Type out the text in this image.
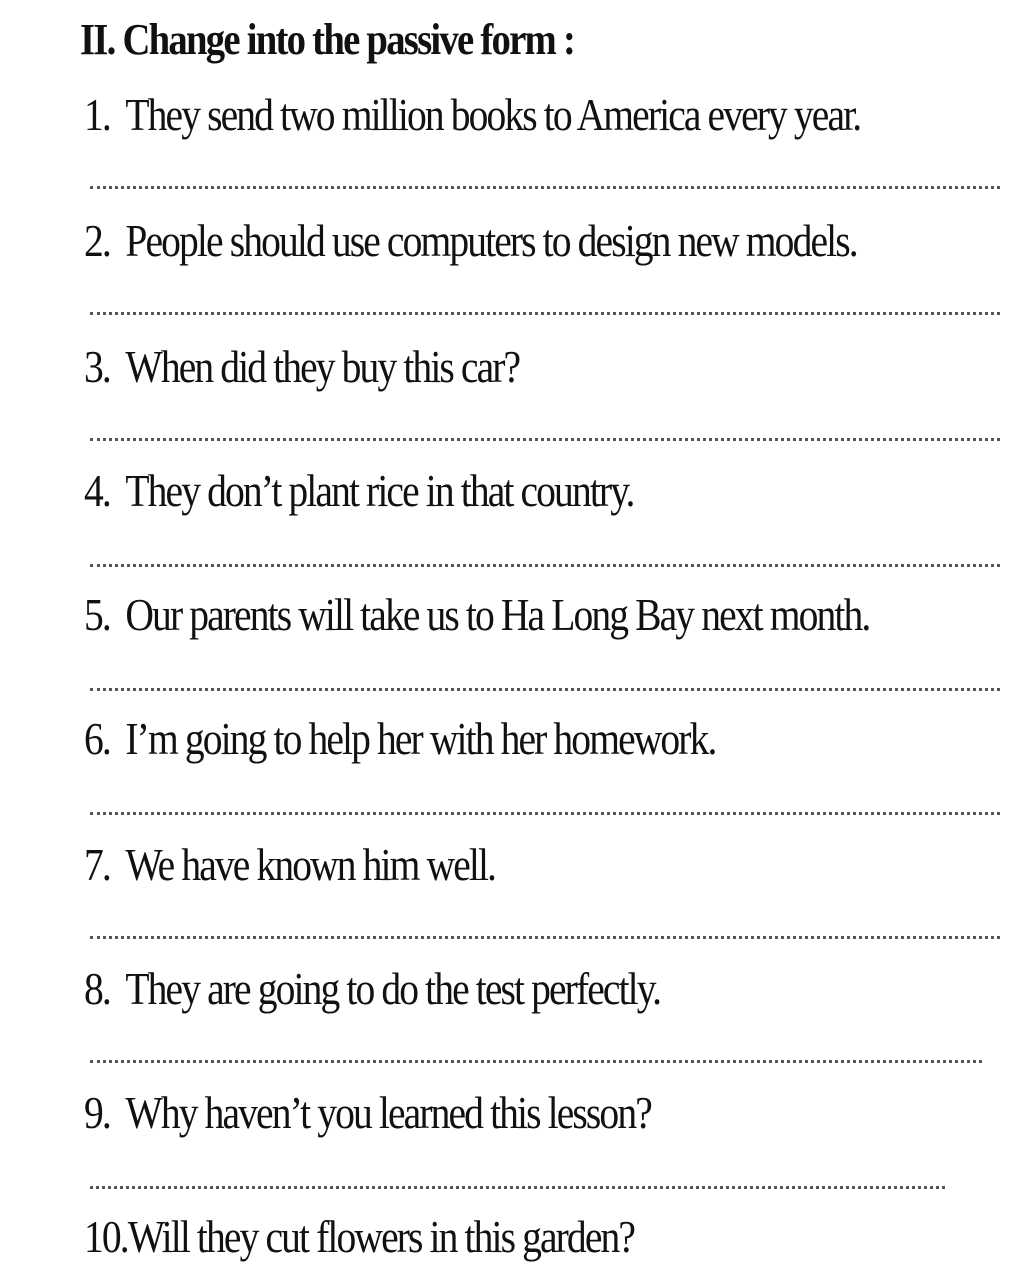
II. Change into the passive form :
1. They send two million books to America every year.
2. People should use computers to design new models.
3. When did they buy this car?
4. They don’t plant rice in that country.
5. Our parents will take us to Ha Long Bay next month.
6. I’m going to help her with her homework.
7. We have known him well.
8. They are going to do the test perfectly.
9. Why haven’t you learned this lesson?
10.Will they cut flowers in this garden?
